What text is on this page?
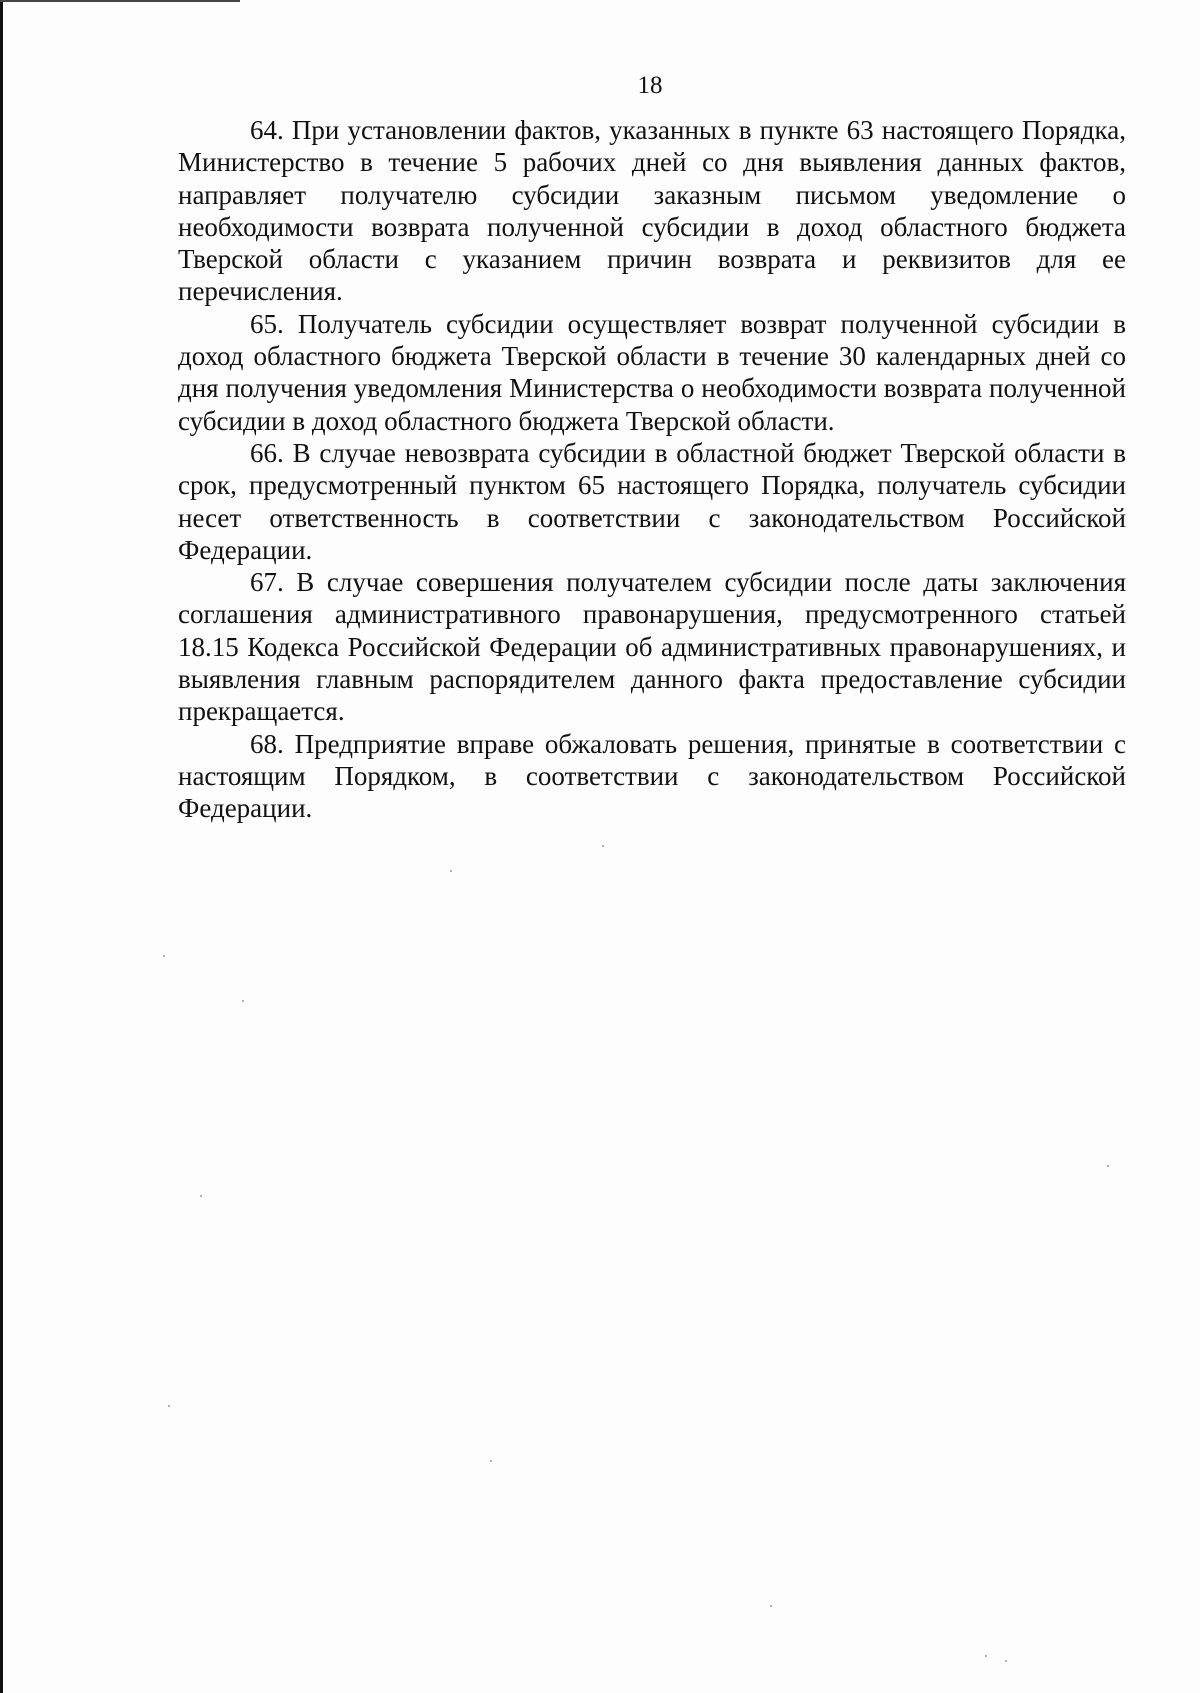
18

64. При установлении фактов, указанных в пункте 63 настоящего Порядка, Министерство в течение 5 рабочих дней со дня выявления данных фактов, направляет получателю субсидии заказным письмом уведомление о необходимости возврата полученной субсидии в доход областного бюджета Тверской области с указанием причин возврата и реквизитов для ее перечисления.

65. Получатель субсидии осуществляет возврат полученной субсидии в доход областного бюджета Тверской области в течение 30 календарных дней со дня получения уведомления Министерства о необходимости возврата полученной субсидии в доход областного бюджета Тверской области.

66. В случае невозврата субсидии в областной бюджет Тверской области в срок, предусмотренный пунктом 65 настоящего Порядка, получатель субсидии несет ответственность в соответствии с законодательством Российской Федерации.

67. В случае совершения получателем субсидии после даты заключения соглашения административного правонарушения, предусмотренного статьей 18.15 Кодекса Российской Федерации об административных правонарушениях, и выявления главным распорядителем данного факта предоставление субсидии прекращается.

68. Предприятие вправе обжаловать решения, принятые в соответствии с настоящим Порядком, в соответствии с законодательством Российской Федерации.
